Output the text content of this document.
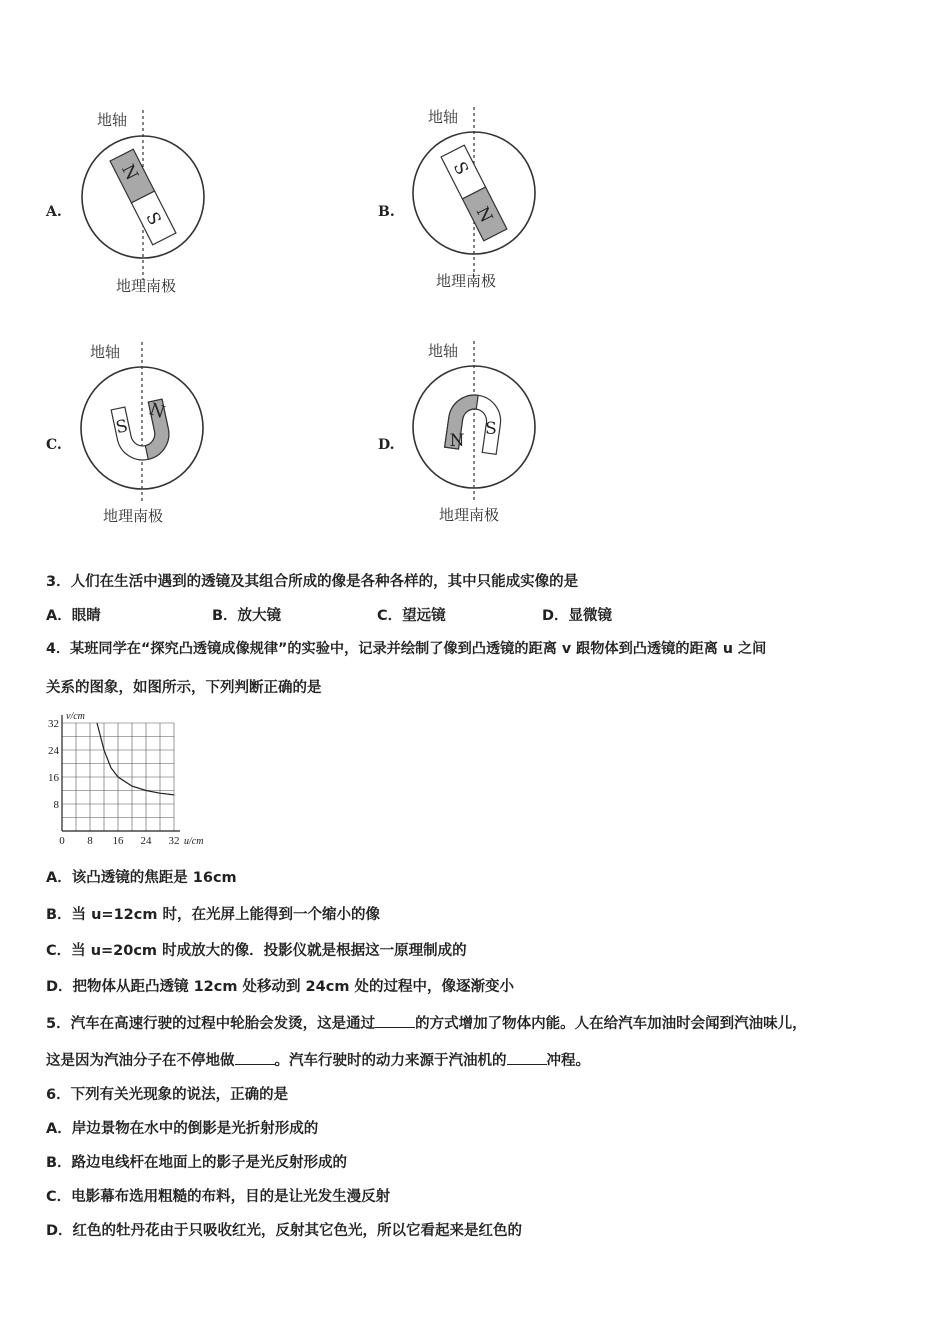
A.	B.
C.	D.
地轴
地理南极
N
S
地轴
地理南极
S
N
地轴
地理南极
S
N
地轴
地理南极
N
S
3．人们在生活中遇到的透镜及其组合所成的像是各种各样的，其中只能成实像的是
A．眼睛	B．放大镜	C．望远镜	D．显微镜
4．某班同学在“探究凸透镜成像规律”的实验中，记录并绘制了像到凸透镜的距离 v 跟物体到凸透镜的距离 u 之间
关系的图象，如图所示，下列判断正确的是
0 8 16 24 32
8
16
24
32
u/cm
v/cm
A．该凸透镜的焦距是 16cm
B．当 u=12cm 时，在光屏上能得到一个缩小的像
C．当 u=20cm 时成放大的像．投影仪就是根据这一原理制成的
D．把物体从距凸透镜 12cm 处移动到 24cm 处的过程中，像逐渐变小
5．汽车在高速行驶的过程中轮胎会发烫，这是通过	的方式增加了物体内能。人在给汽车加油时会闻到汽油味儿，
这是因为汽油分子在不停地做	。汽车行驶时的动力来源于汽油机的	冲程。
6．下列有关光现象的说法，正确的是
A．岸边景物在水中的倒影是光折射形成的
B．路边电线杆在地面上的影子是光反射形成的
C．电影幕布选用粗糙的布料，目的是让光发生漫反射
D．红色的牡丹花由于只吸收红光，反射其它色光，所以它看起来是红色的
